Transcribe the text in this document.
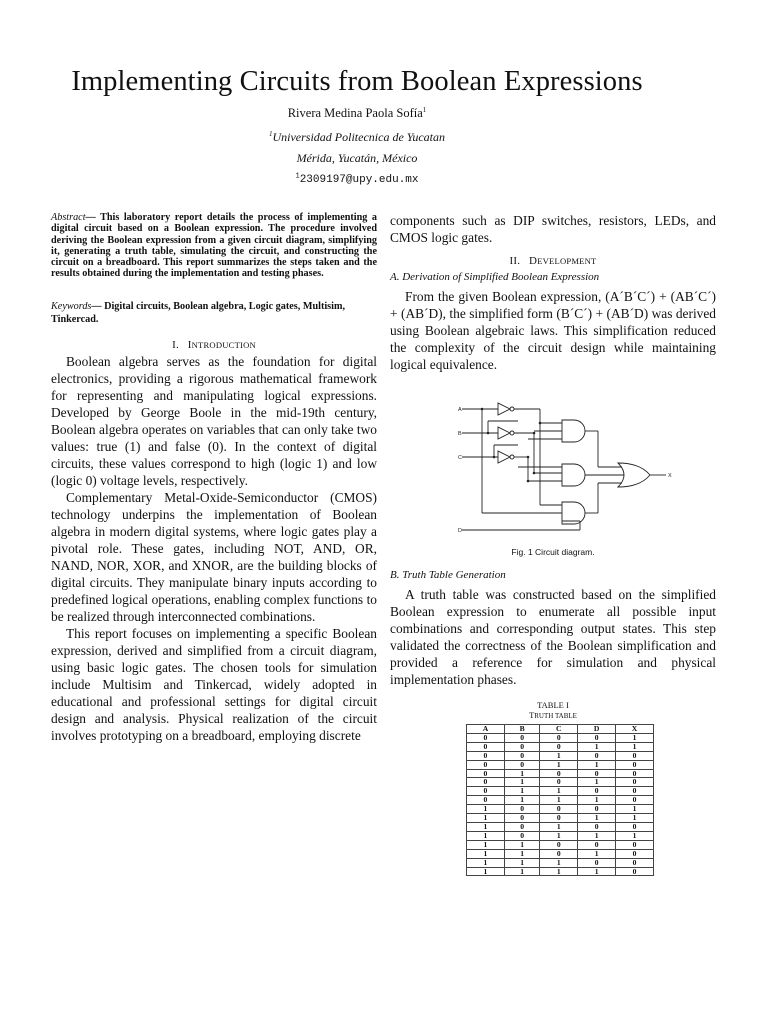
Implementing Circuits from Boolean Expressions
Rivera Medina Paola Sofía$^1$
$^1$Universidad Politecnica de Yucatan
Mérida, Yucatán, México
$^1$2309197@upy.edu.mx

Abstract— This laboratory report details the process of implementing a digital circuit based on a Boolean expression. The procedure involved deriving the Boolean expression from a given circuit diagram, simplifying it, generating a truth table, simulating the circuit, and constructing the circuit on a breadboard. This report summarizes the steps taken and the results obtained during the implementation and testing phases.

Keywords— Digital circuits, Boolean algebra, Logic gates, Multisim, Tinkercad.

I. INTRODUCTION

Boolean algebra serves as the foundation for digital electronics, providing a rigorous mathematical framework for representing and manipulating logical expressions. Developed by George Boole in the mid-19th century, Boolean algebra operates on variables that can only take two values: true (1) and false (0). In the context of digital circuits, these values correspond to high (logic 1) and low (logic 0) voltage levels, respectively.

Complementary Metal-Oxide-Semiconductor (CMOS) technology underpins the implementation of Boolean algebra in modern digital systems, where logic gates play a pivotal role. These gates, including NOT, AND, OR, NAND, NOR, XOR, and XNOR, are the building blocks of digital circuits. They manipulate binary inputs according to predefined logical operations, enabling complex functions to be realized through interconnected combinations.

This report focuses on implementing a specific Boolean expression, derived and simplified from a circuit diagram, using basic logic gates. The chosen tools for simulation include Multisim and Tinkercad, widely adopted in educational and professional settings for digital circuit design and analysis. Physical realization of the circuit involves prototyping on a breadboard, employing discrete

components such as DIP switches, resistors, LEDs, and CMOS logic gates.

II. DEVELOPMENT
A. Derivation of Simplified Boolean Expression

From the given Boolean expression, (A´B´C´) + (AB´C´) + (AB´D), the simplified form (B´C´) + (AB´D) was derived using Boolean algebraic laws. This simplification reduced the complexity of the circuit design while maintaining logical equivalence.

A
B
C
D
X
Fig. 1 Circuit diagram.
B. Truth Table Generation

A truth table was constructed based on the simplified Boolean expression to enumerate all possible input combinations and corresponding output states. This step validated the correctness of the Boolean simplification and provided a reference for simulation and physical implementation phases.

TABLE I
TRUTH TABLE
A	B	C	D	X
0	0	0	0	1
0	0	0	1	1
0	0	1	0	0
0	0	1	1	0
0	1	0	0	0
0	1	0	1	0
0	1	1	0	0
0	1	1	1	0
1	0	0	0	1
1	0	0	1	1
1	0	1	0	0
1	0	1	1	1
1	1	0	0	0
1	1	0	1	0
1	1	1	0	0
1	1	1	1	0
